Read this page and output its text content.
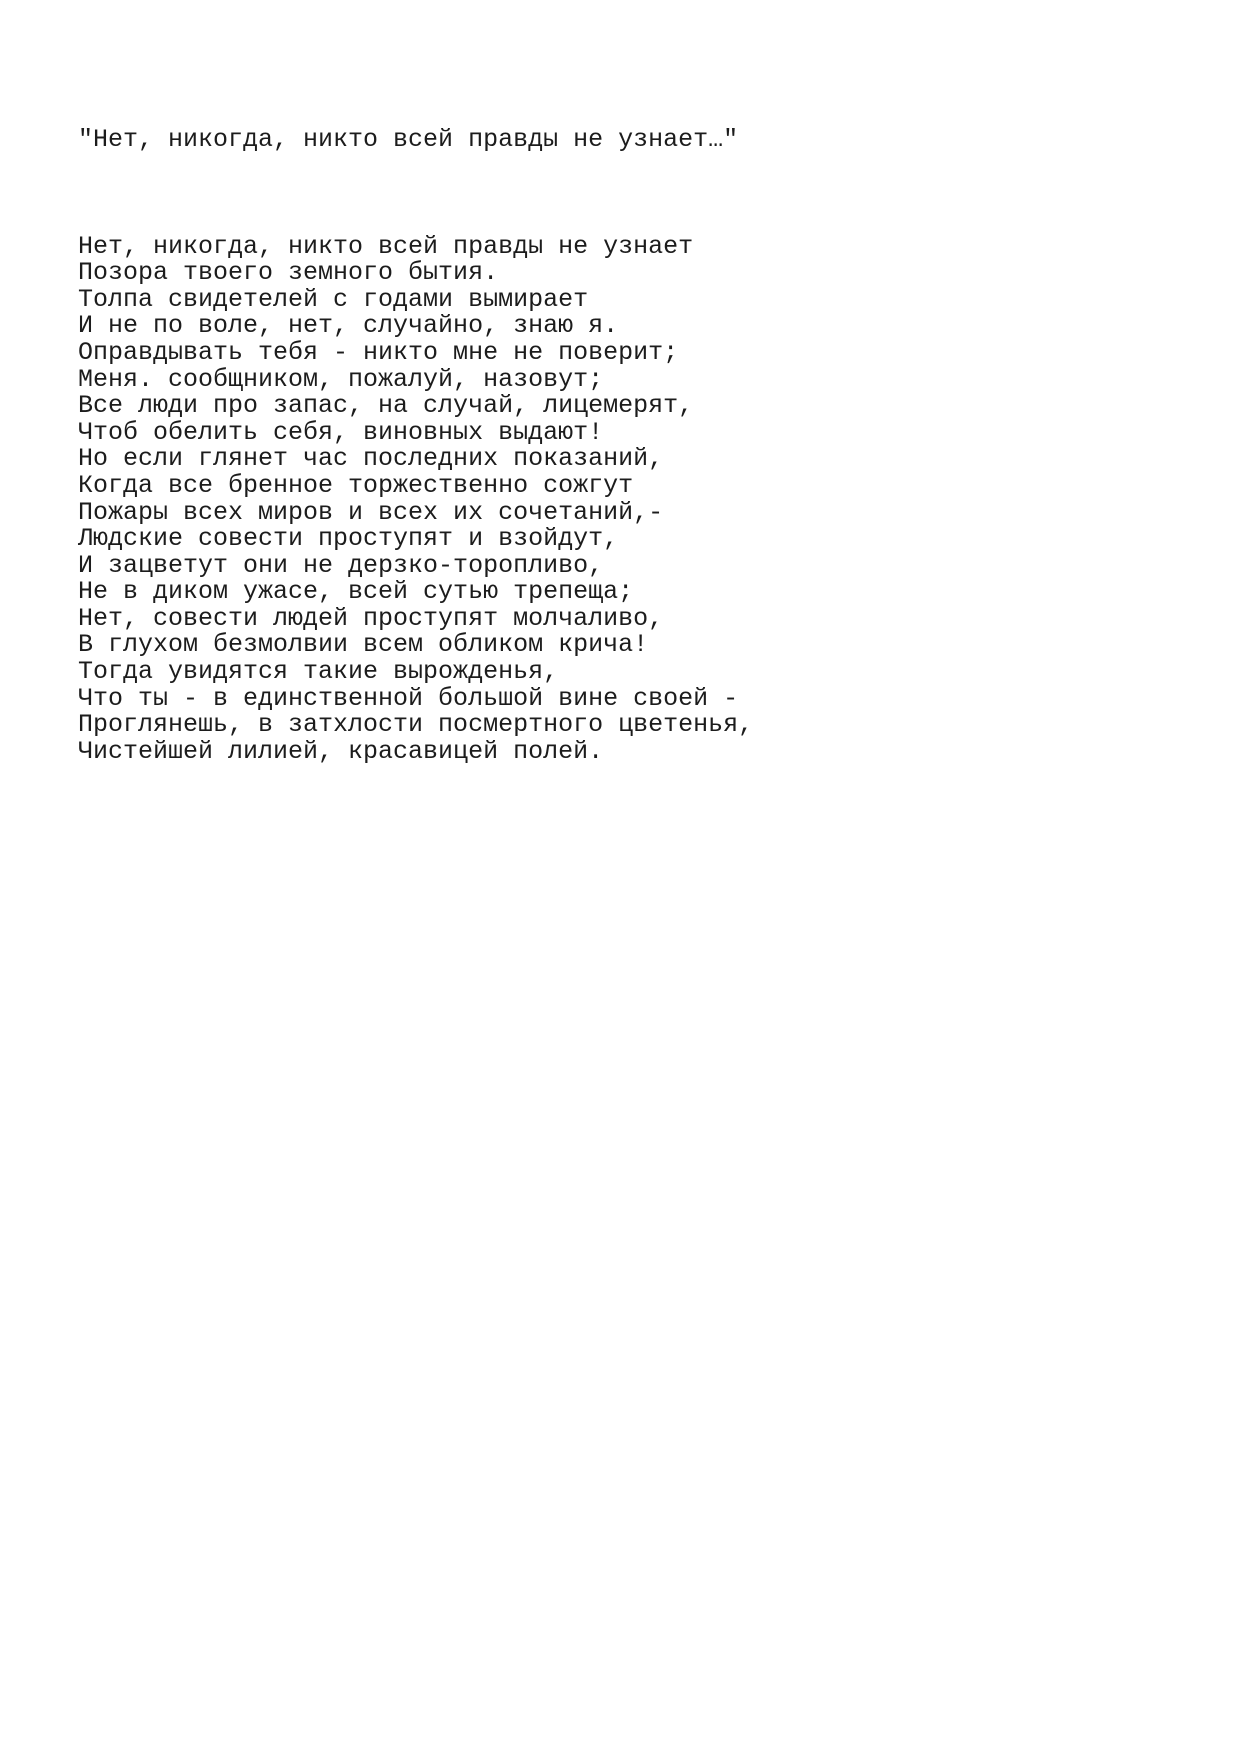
"Нет, никогда, никто всей правды не узнает…"

Нет, никогда, никто всей правды не узнает
Позора твоего земного бытия.
Толпа свидетелей с годами вымирает
И не по воле, нет, случайно, знаю я.
Оправдывать тебя - никто мне не поверит;
Меня. сообщником, пожалуй, назовут;
Все люди про запас, на случай, лицемерят,
Чтоб обелить себя, виновных выдают!
Но если глянет час последних показаний,
Когда все бренное торжественно сожгут
Пожары всех миров и всех их сочетаний,-
Людские совести проступят и взойдут,
И зацветут они не дерзко-торопливо,
Не в диком ужасе, всей сутью трепеща;
Нет, совести людей проступят молчаливо,
В глухом безмолвии всем обликом крича!
Тогда увидятся такие вырожденья,
Что ты - в единственной большой вине своей -
Проглянешь, в затхлости посмертного цветенья,
Чистейшей лилией, красавицей полей.
